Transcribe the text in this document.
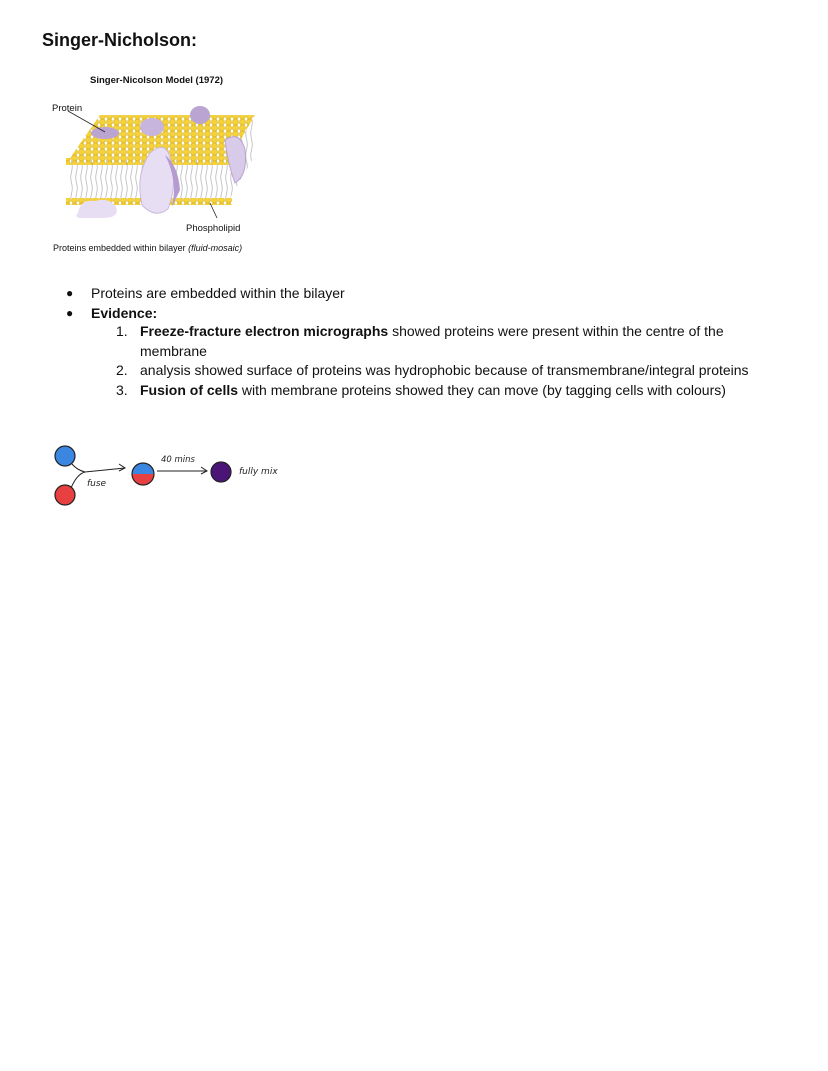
Singer-Nicholson:
Singer-Nicolson Model (1972)
Protein
Phospholipid
Proteins embedded within bilayer (fluid-mosaic)
● Proteins are embedded within the bilayer
● Evidence:
1. Freeze-fracture electron micrographs showed proteins were present within the centre of the membrane
2. analysis showed surface of proteins was hydrophobic because of transmembrane/integral proteins
3. Fusion of cells with membrane proteins showed they can move (by tagging cells with colours)
fuse
40 mins
fully mix
